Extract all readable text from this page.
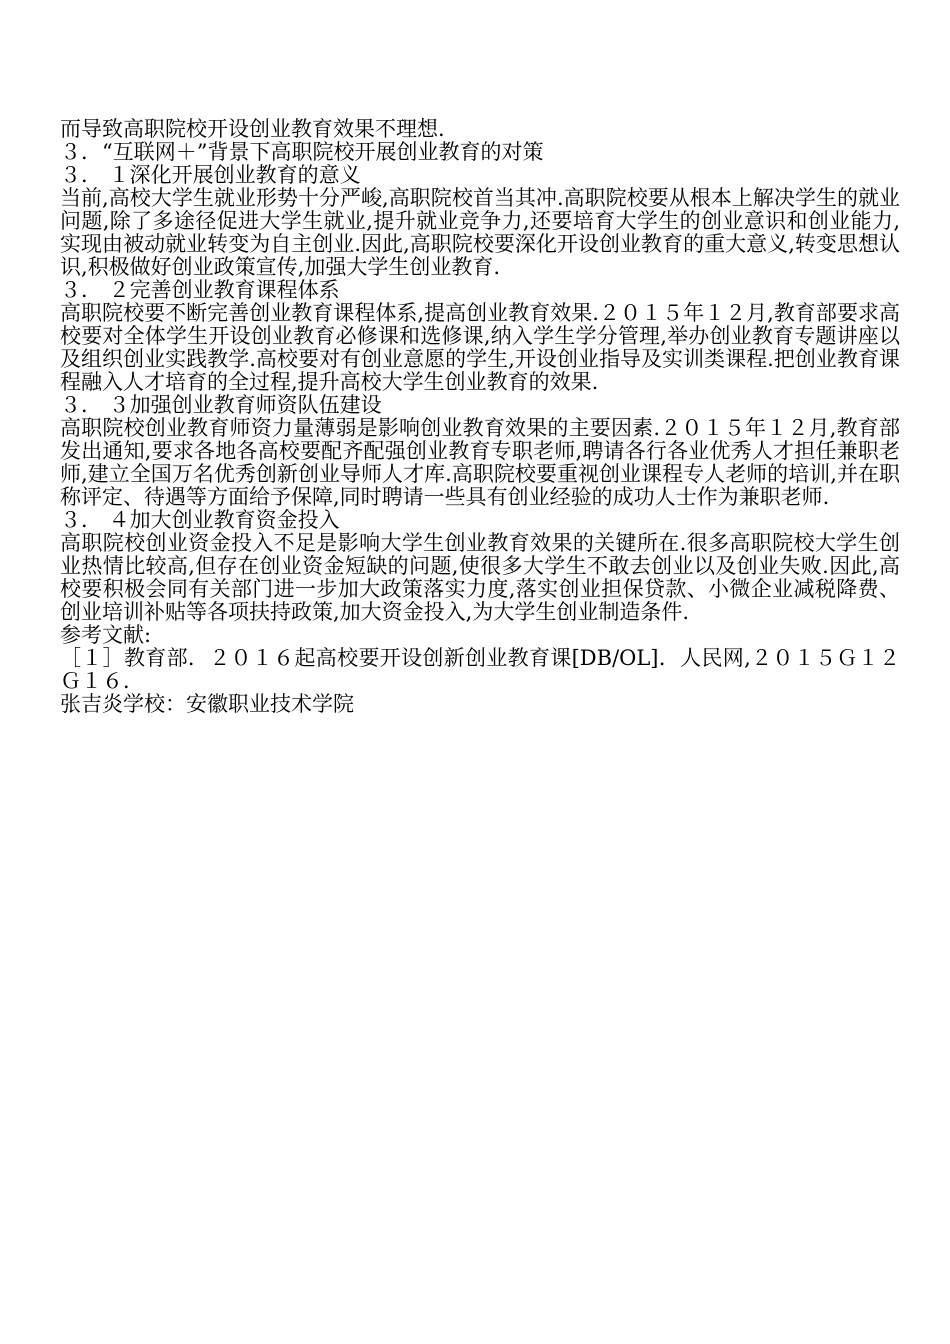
而导致高职院校开设创业教育效果不理想.
３．“互联网＋”背景下高职院校开展创业教育的对策
３． １深化开展创业教育的意义
当前,高校大学生就业形势十分严峻,高职院校首当其冲.高职院校要从根本上解决学生的就业问题,除了多途径促进大学生就业,提升就业竞争力,还要培育大学生的创业意识和创业能力,实现由被动就业转变为自主创业.因此,高职院校要深化开设创业教育的重大意义,转变思想认识,积极做好创业政策宣传,加强大学生创业教育.
３． ２完善创业教育课程体系
高职院校要不断完善创业教育课程体系,提高创业教育效果.２０１５年１２月,教育部要求高校要对全体学生开设创业教育必修课和选修课,纳入学生学分管理,举办创业教育专题讲座以及组织创业实践教学.高校要对有创业意愿的学生,开设创业指导及实训类课程.把创业教育课程融入人才培育的全过程,提升高校大学生创业教育的效果.
３． ３加强创业教育师资队伍建设
高职院校创业教育师资力量薄弱是影响创业教育效果的主要因素.２０１５年１２月,教育部发出通知,要求各地各高校要配齐配强创业教育专职老师,聘请各行各业优秀人才担任兼职老师,建立全国万名优秀创新创业导师人才库.高职院校要重视创业课程专人老师的培训,并在职称评定、待遇等方面给予保障,同时聘请一些具有创业经验的成功人士作为兼职老师.
３． ４加大创业教育资金投入
高职院校创业资金投入不足是影响大学生创业教育效果的关键所在.很多高职院校大学生创业热情比较高,但存在创业资金短缺的问题,使很多大学生不敢去创业以及创业失败.因此,高校要积极会同有关部门进一步加大政策落实力度,落实创业担保贷款、小微企业减税降费、创业培训补贴等各项扶持政策,加大资金投入,为大学生创业制造条件.
参考文献:
［１］教育部．２０１６起高校要开设创新创业教育课[DB/OL]．人民网,２０１５Ｇ１２Ｇ１６．
张吉炎学校：安徽职业技术学院
